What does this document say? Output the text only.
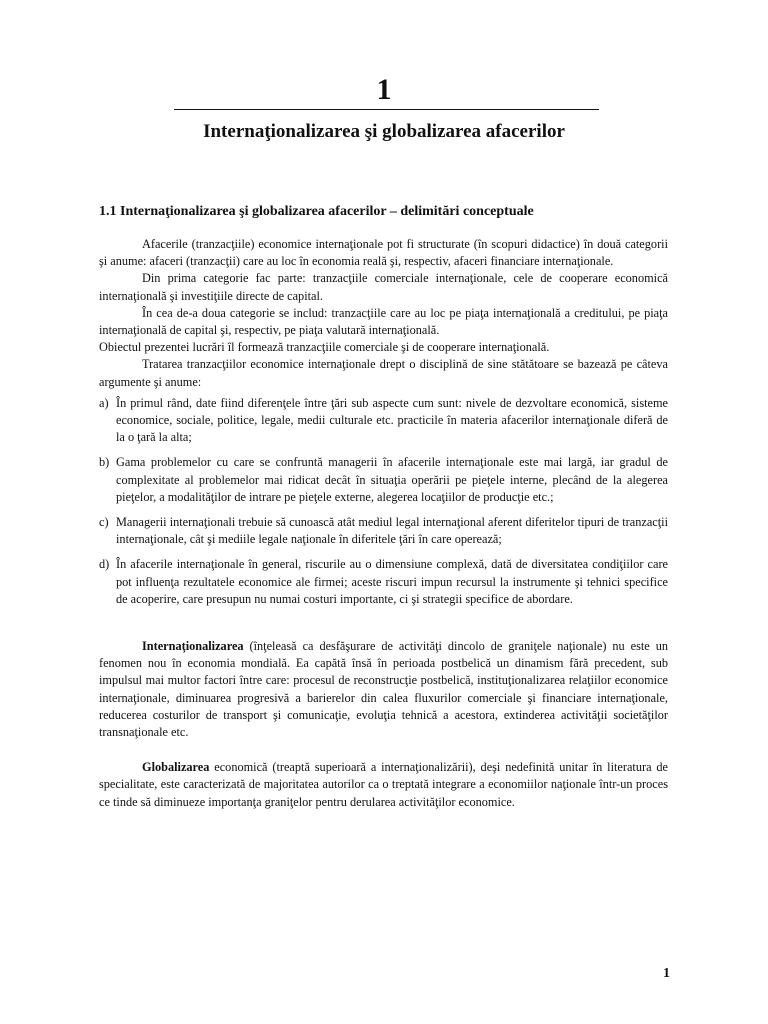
1
Internaţionalizarea şi globalizarea afacerilor
1.1 Internaţionalizarea şi globalizarea afacerilor – delimitări conceptuale

Afacerile (tranzacţiile) economice internaţionale pot fi structurate (în scopuri didactice) în două categorii şi anume: afaceri (tranzacţii) care au loc în economia reală şi, respectiv, afaceri financiare internaţionale.

Din prima categorie fac parte: tranzacţiile comerciale internaţionale, cele de cooperare economică internaţională şi investiţiile directe de capital.

În cea de-a doua categorie se includ: tranzacţiile care au loc pe piaţa internaţională a creditului, pe piaţa internaţională de capital şi, respectiv, pe piaţa valutară internaţională.

Obiectul prezentei lucrări îl formează tranzacţiile comerciale şi de cooperare internaţională.

Tratarea tranzacţiilor economice internaţionale drept o disciplină de sine stătătoare se bazează pe câteva argumente şi anume:

a) În primul rând, date fiind diferenţele între ţări sub aspecte cum sunt: nivele de dezvoltare economică, sisteme economice, sociale, politice, legale, medii culturale etc. practicile în materia afacerilor internaţionale diferă de la o ţară la alta;
b) Gama problemelor cu care se confruntă managerii în afacerile internaţionale este mai largă, iar gradul de complexitate al problemelor mai ridicat decât în situaţia operării pe pieţele interne, plecând de la alegerea pieţelor, a modalităţilor de intrare pe pieţele externe, alegerea locaţiilor de producţie etc.;
c) Managerii internaţionali trebuie să cunoască atât mediul legal internaţional aferent diferitelor tipuri de tranzacţii internaţionale, cât şi mediile legale naţionale în diferitele ţări în care operează;
d) În afacerile internaţionale în general, riscurile au o dimensiune complexă, dată de diversitatea condiţiilor care pot influenţa rezultatele economice ale firmei; aceste riscuri impun recursul la instrumente şi tehnici specifice de acoperire, care presupun nu numai costuri importante, ci şi strategii specifice de abordare.

Internaţionalizarea (înţeleasă ca desfăşurare de activităţi dincolo de graniţele naţionale) nu este un fenomen nou în economia mondială. Ea capătă însă în perioada postbelică un dinamism fără precedent, sub impulsul mai multor factori între care: procesul de reconstrucţie postbelică, instituţionalizarea relaţiilor economice internaţionale, diminuarea progresivă a barierelor din calea fluxurilor comerciale şi financiare internaţionale, reducerea costurilor de transport şi comunicaţie, evoluţia tehnică a acestora, extinderea activităţii societăţilor transnaţionale etc.

Globalizarea economică (treaptă superioară a internaţionalizării), deşi nedefinită unitar în literatura de specialitate, este caracterizată de majoritatea autorilor ca o treptată integrare a economiilor naţionale într-un proces ce tinde să diminueze importanţa graniţelor pentru derularea activităţilor economice.

1
